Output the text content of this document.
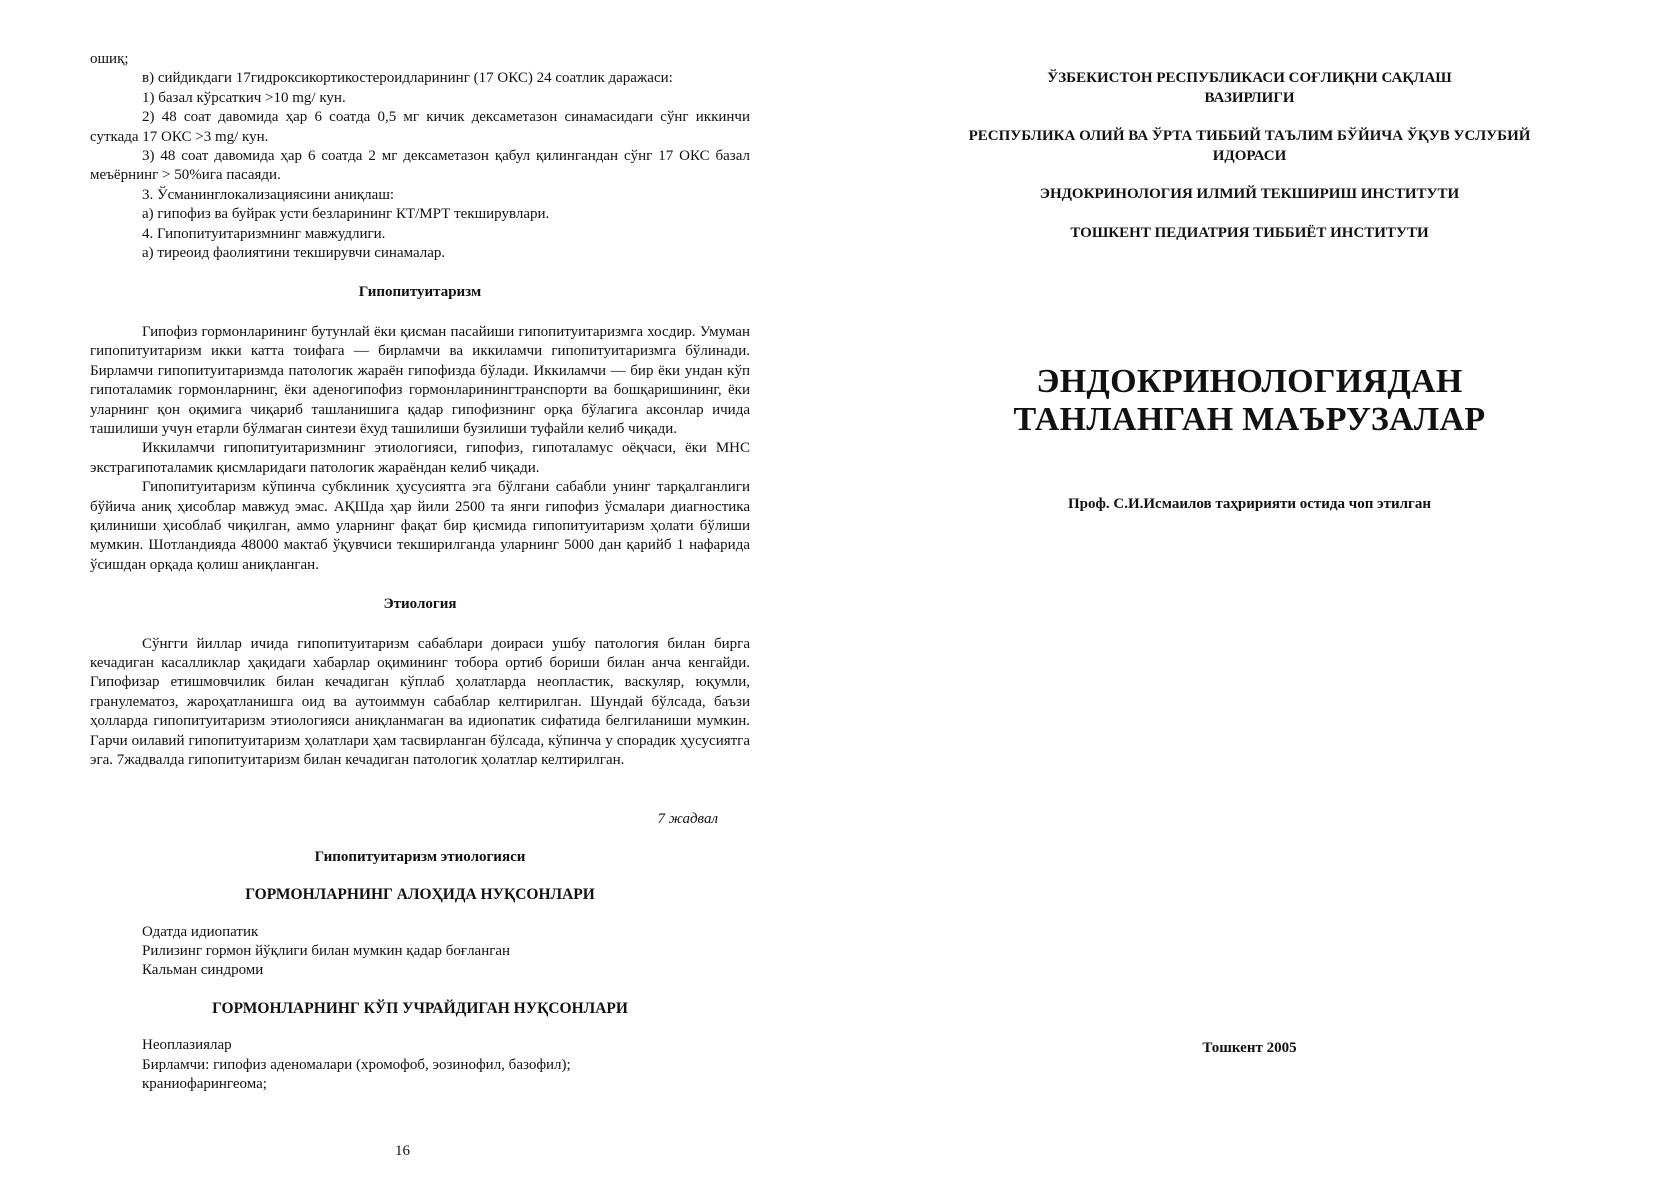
ошиқ;

в) сийдикдаги 17гидроксикортикостероидларининг (17 ОКС) 24 соатлик даражаси:

1) базал кўрсаткич >10 mg/ кун.

2) 48 соат давомида ҳар 6 соатда 0,5 мг кичик дексаметазон синамасидаги сўнг иккинчи суткада 17 ОКС >3 mg/ кун.

3) 48 соат давомида ҳар 6 соатда 2 мг дексаметазон қабул қилингандан сўнг 17 ОКС базал меъёрнинг > 50%ига пасаяди.

3. Ўсманинглокализациясини аниқлаш:

а) гипофиз ва буйрак усти безларининг КТ/МРТ текширувлари.

4. Гипопитуитаризмнинг мавжудлиги.

а) тиреоид фаолиятини текширувчи синамалар.

Гипопитуитаризм

Гипофиз гормонларининг бутунлай ёки қисман пасайиши гипопитуитаризмга хосдир. Умуман гипопитуитаризм икки катта тоифага — бирламчи ва иккиламчи гипопитуитаризмга бўлинади. Бирламчи гипопитуитаризмда патологик жараён гипофизда бўлади. Иккиламчи — бир ёки ундан кўп гипоталамик гормонларнинг, ёки аденогипофиз гормонларинингтранспорти ва бошқаришининг, ёки уларнинг қон оқимига чиқариб ташланишига қадар гипофизнинг орқа бўлагига аксонлар ичида ташилиши учун етарли бўлмаган синтези ёхуд ташилиши бузилиши туфайли келиб чиқади.

Иккиламчи гипопитуитаризмнинг этиологияси, гипофиз, гипоталамус оёқчаси, ёки МНС экстрагипоталамик қисмларидаги патологик жараёндан келиб чиқади.

Гипопитуитаризм кўпинча субклиник ҳусусиятга эга бўлгани сабабли унинг тарқалганлиги бўйича аниқ ҳисоблар мавжуд эмас. АҚШда ҳар йили 2500 та янги гипофиз ўсмалари диагностика қилиниши ҳисоблаб чиқилган, аммо уларнинг фақат бир қисмида гипопитуитаризм ҳолати бўлиши мумкин. Шотландияда 48000 мактаб ўқувчиси текширилганда уларнинг 5000 дан қарийб 1 нафарида ўсишдан орқада қолиш аниқланган.

Этиология

Сўнгги йиллар ичида гипопитуитаризм сабаблари доираси ушбу патология билан бирга кечадиган касалликлар ҳақидаги хабарлар оқимининг тобора ортиб бориши билан анча кенгайди. Гипофизар етишмовчилик билан кечадиган кўплаб ҳолатларда неопластик, васкуляр, юқумли, гранулематоз, жароҳатланишга оид ва аутоиммун сабаблар келтирилган. Шундай бўлсада, баъзи ҳолларда гипопитуитаризм этиологияси аниқланмаган ва идиопатик сифатида белгиланиши мумкин. Гарчи оилавий гипопитуитаризм ҳолатлари ҳам тасвирланган бўлсада, кўпинча у спорадик ҳусусиятга эга. 7жадвалда гипопитуитаризм билан кечадиган патологик ҳолатлар келтирилган.

7 жадвал

Гипопитуитаризм этиологияси

ГОРМОНЛАРНИНГ АЛОҲИДА НУҚСОНЛАРИ

Одатда идиопатик

Рилизинг гормон йўқлиги билан мумкин қадар боғланган

Кальман синдроми

ГОРМОНЛАРНИНГ КЎП УЧРАЙДИГАН НУҚСОНЛАРИ

Неоплазиялар

Бирламчи: гипофиз аденомалари (хромофоб, эозинофил, базофил);

краниофарингеома;

16

ЎЗБЕКИСТОН РЕСПУБЛИКАСИ СОҒЛИҚНИ САҚЛАШ

ВАЗИРЛИГИ

РЕСПУБЛИКА ОЛИЙ ВА ЎРТА ТИББИЙ ТАЪЛИМ БЎЙИЧА ЎҚУВ УСЛУБИЙ

ИДОРАСИ

ЭНДОКРИНОЛОГИЯ ИЛМИЙ ТЕКШИРИШ ИНСТИТУТИ

ТОШКЕНТ ПЕДИАТРИЯ ТИББИЁТ ИНСТИТУТИ

ЭНДОКРИНОЛОГИЯДАН

ТАНЛАНГАН МАЪРУЗАЛАР

Проф. С.И.Исмаилов таҳририяти остида чоп этилган
Тошкент 2005
